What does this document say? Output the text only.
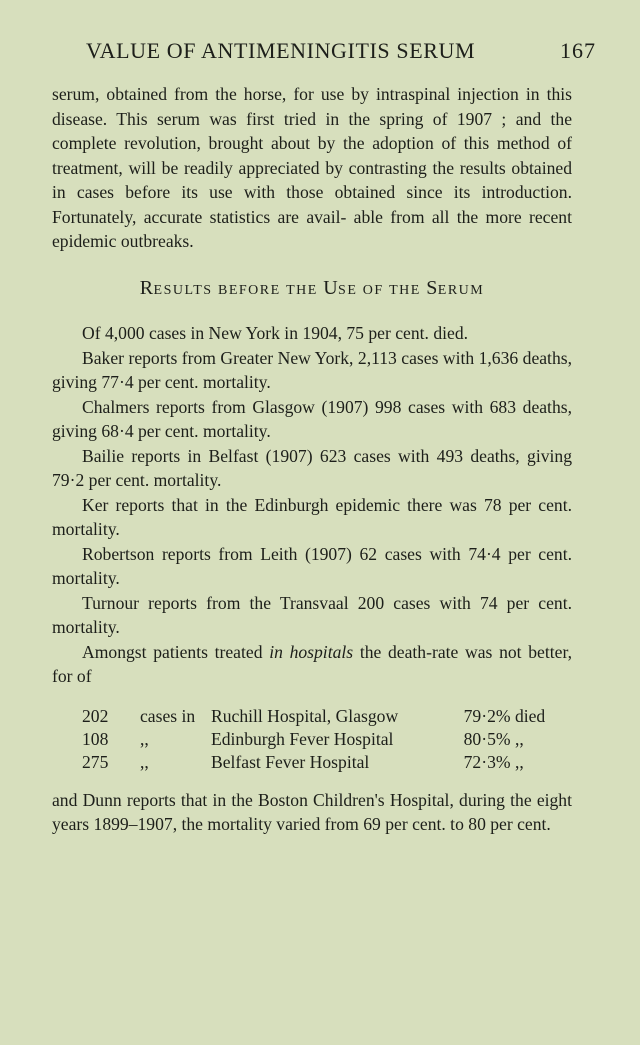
VALUE OF ANTIMENINGITIS SERUM	167

serum, obtained from the horse, for use by intraspinal injection in this disease. This serum was first tried in the spring of 1907 ; and the complete revolution, brought about by the adoption of this method of treatment, will be readily appreciated by contrasting the results obtained in cases before its use with those obtained since its introduction. Fortunately, accurate statistics are avail- able from all the more recent epidemic outbreaks.

RESULTS BEFORE THE USE OF THE SERUM

Of 4,000 cases in New York in 1904, 75 per cent. died.

Baker reports from Greater New York, 2,113 cases with 1,636 deaths, giving 77·4 per cent. mortality.

Chalmers reports from Glasgow (1907) 998 cases with 683 deaths, giving 68·4 per cent. mortality.

Bailie reports in Belfast (1907) 623 cases with 493 deaths, giving 79·2 per cent. mortality.

Ker reports that in the Edinburgh epidemic there was 78 per cent. mortality.

Robertson reports from Leith (1907) 62 cases with 74·4 per cent. mortality.

Turnour reports from the Transvaal 200 cases with 74 per cent. mortality.

Amongst patients treated in hospitals the death-rate was not better, for of

202	cases in	Ruchill Hospital, Glasgow	79·2% died
108	,,	Edinburgh Fever Hospital	80·5% ,,
275	,,	Belfast Fever Hospital	72·3% ,,

and Dunn reports that in the Boston Children's Hospital, during the eight years 1899–1907, the mortality varied from 69 per cent. to 80 per cent.
